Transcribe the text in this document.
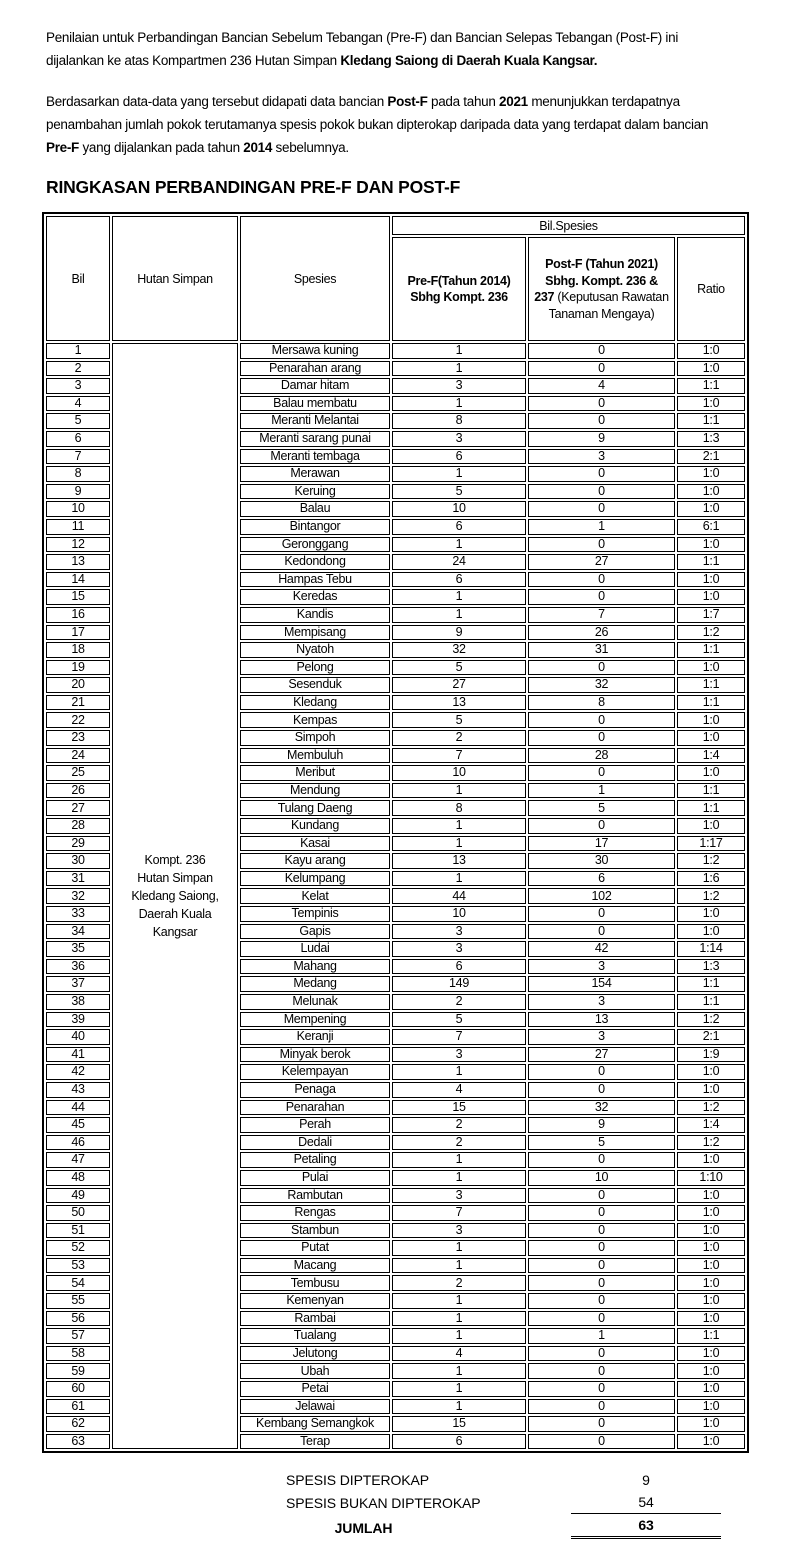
Penilaian untuk Perbandingan Bancian Sebelum Tebangan (Pre-F) dan Bancian Selepas Tebangan (Post-F) ini
dijalankan ke atas Kompartmen 236 Hutan Simpan Kledang Saiong di Daerah Kuala Kangsar.
Berdasarkan data-data yang tersebut didapati data bancian Post-F pada tahun 2021 menunjukkan terdapatnya
penambahan jumlah pokok terutamanya spesis pokok bukan dipterokap daripada data yang terdapat dalam bancian
Pre-F yang dijalankan pada tahun 2014 sebelumnya.
RINGKASAN PERBANDINGAN PRE-F DAN POST-F
Bil	Hutan Simpan	Spesies	Bil.Spesies		

Pre-F(Tahun 2014)
Sbhg Kompt. 236

Post-F (Tahun 2021)
Sbhg. Kompt. 236 &
237 (Keputusan Rawatan Tanaman Mengaya)
	Ratio
1	Kompt. 236
Hutan Simpan
Kledang Saiong,
Daerah Kuala
Kangsar	Mersawa kuning	1	0	1:0
2		Penarahan arang	1	0	1:0
3		Damar hitam	3	4	1:1
4		Balau membatu	1	0	1:0
5		Meranti Melantai	8	0	1:1
6		Meranti sarang punai	3	9	1:3
7		Meranti tembaga	6	3	2:1
8		Merawan	1	0	1:0
9		Keruing	5	0	1:0
10		Balau	10	0	1:0
11		Bintangor	6	1	6:1
12		Geronggang	1	0	1:0
13		Kedondong	24	27	1:1
14		Hampas Tebu	6	0	1:0
15		Keredas	1	0	1:0
16		Kandis	1	7	1:7
17		Mempisang	9	26	1:2
18		Nyatoh	32	31	1:1
19		Pelong	5	0	1:0
20		Sesenduk	27	32	1:1
21		Kledang	13	8	1:1
22		Kempas	5	0	1:0
23		Simpoh	2	0	1:0
24		Membuluh	7	28	1:4
25		Meribut	10	0	1:0
26		Mendung	1	1	1:1
27		Tulang Daeng	8	5	1:1
28		Kundang	1	0	1:0
29		Kasai	1	17	1:17
30		Kayu arang	13	30	1:2
31		Kelumpang	1	6	1:6
32		Kelat	44	102	1:2
33		Tempinis	10	0	1:0
34		Gapis	3	0	1:0
35		Ludai	3	42	1:14
36		Mahang	6	3	1:3
37		Medang	149	154	1:1
38		Melunak	2	3	1:1
39		Mempening	5	13	1:2
40		Keranji	7	3	2:1
41		Minyak berok	3	27	1:9
42		Kelempayan	1	0	1:0
43		Penaga	4	0	1:0
44		Penarahan	15	32	1:2
45		Perah	2	9	1:4
46		Dedali	2	5	1:2
47		Petaling	1	0	1:0
48		Pulai	1	10	1:10
49		Rambutan	3	0	1:0
50		Rengas	7	0	1:0
51		Stambun	3	0	1:0
52		Putat	1	0	1:0
53		Macang	1	0	1:0
54		Tembusu	2	0	1:0
55		Kemenyan	1	0	1:0
56		Rambai	1	0	1:0
57		Tualang	1	1	1:1
58		Jelutong	4	0	1:0
59		Ubah	1	0	1:0
60		Petai	1	0	1:0
61		Jelawai	1	0	1:0
62		Kembang Semangkok	15	0	1:0
63		Terap	6	0	1:0
SPESIS DIPTEROKAP	9
SPESIS BUKAN DIPTEROKAP	54
JUMLAH	63
